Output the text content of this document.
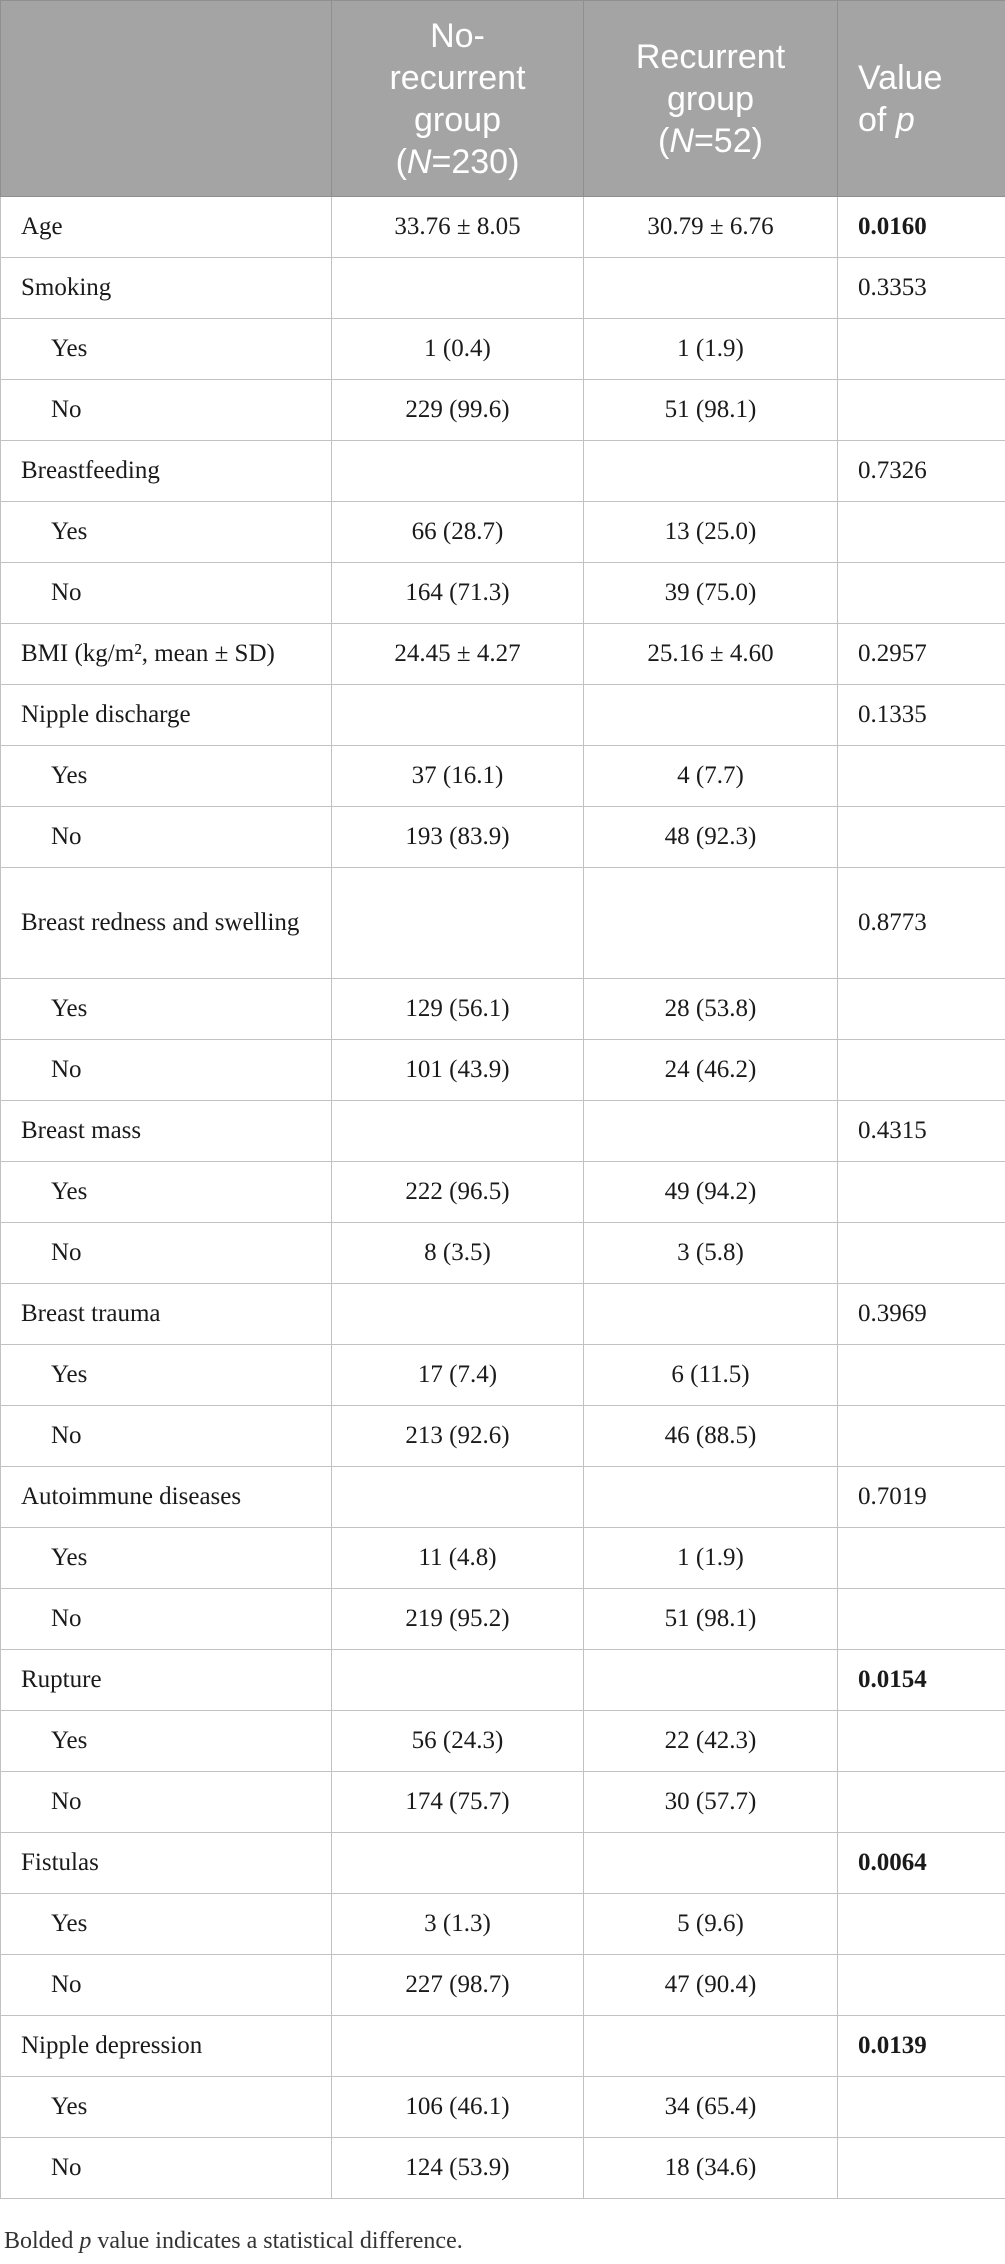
	No-
recurrent
group
(N=230)	Recurrent
group
(N=52)	Value
of p
Age	33.76 ± 8.05	30.79 ± 6.76	0.0160
Smoking			0.3353
Yes	1 (0.4)	1 (1.9)	
No	229 (99.6)	51 (98.1)	
Breastfeeding			0.7326
Yes	66 (28.7)	13 (25.0)	
No	164 (71.3)	39 (75.0)	
BMI (kg/m², mean ± SD)	24.45 ± 4.27	25.16 ± 4.60	0.2957
Nipple discharge			0.1335
Yes	37 (16.1)	4 (7.7)	
No	193 (83.9)	48 (92.3)	
Breast redness and swelling			0.8773
Yes	129 (56.1)	28 (53.8)	
No	101 (43.9)	24 (46.2)	
Breast mass			0.4315
Yes	222 (96.5)	49 (94.2)	
No	8 (3.5)	3 (5.8)	
Breast trauma			0.3969
Yes	17 (7.4)	6 (11.5)	
No	213 (92.6)	46 (88.5)	
Autoimmune diseases			0.7019
Yes	11 (4.8)	1 (1.9)	
No	219 (95.2)	51 (98.1)	
Rupture			0.0154
Yes	56 (24.3)	22 (42.3)	
No	174 (75.7)	30 (57.7)	
Fistulas			0.0064
Yes	3 (1.3)	5 (9.6)	
No	227 (98.7)	47 (90.4)	
Nipple depression			0.0139
Yes	106 (46.1)	34 (65.4)	
No	124 (53.9)	18 (34.6)	
Bolded p value indicates a statistical difference.
